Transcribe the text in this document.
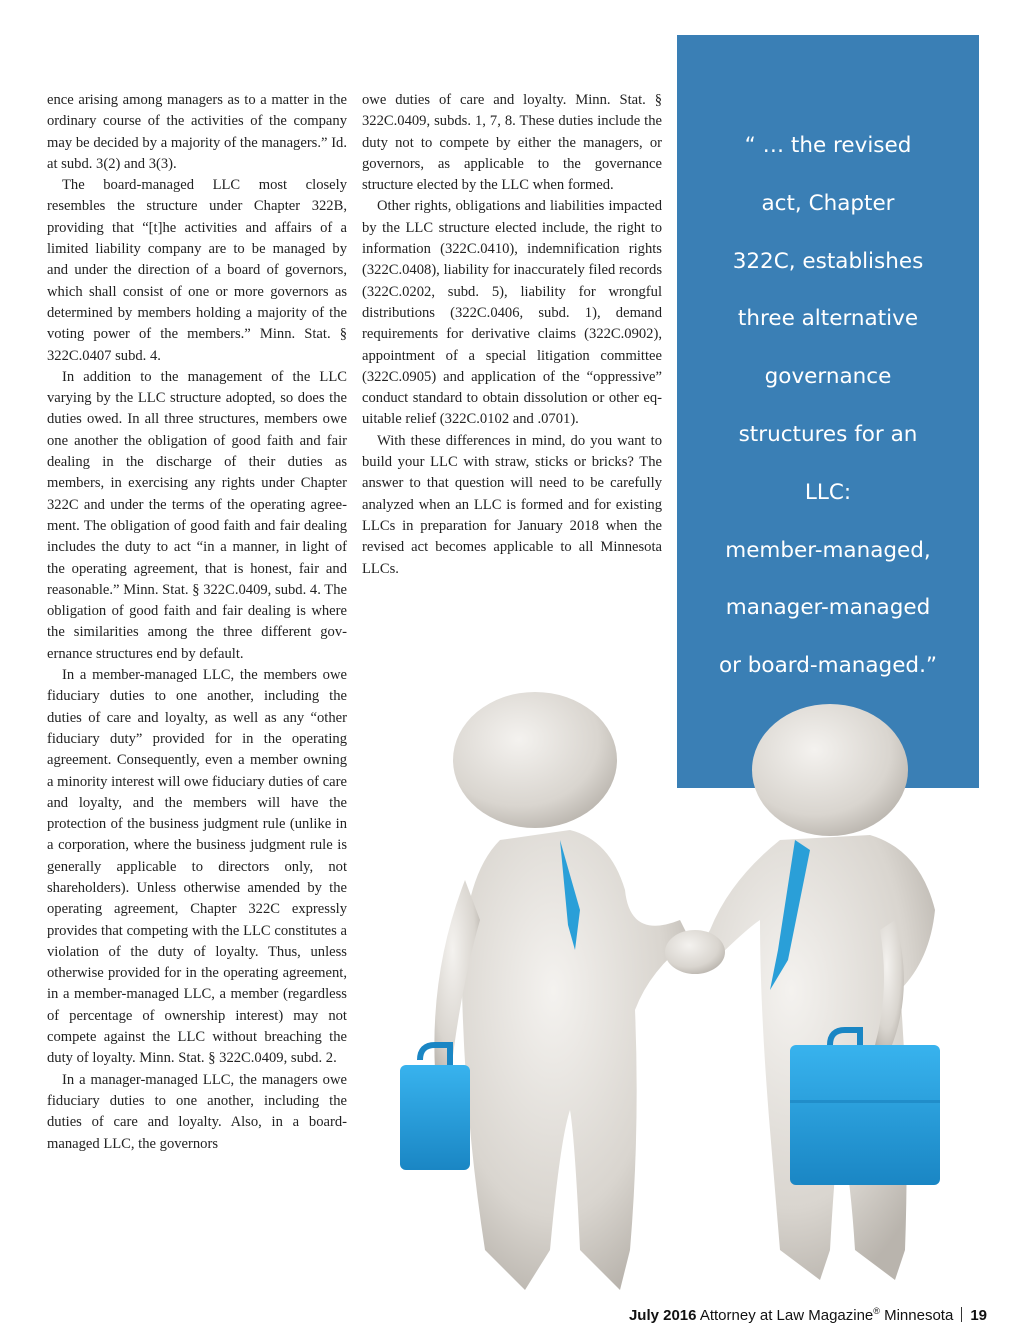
ence arising among managers as to a matter in the ordinary course of the activities of the company may be decided by a majority of the managers.” Id. at subd. 3(2) and 3(3).

The board-managed LLC most closely resembles the structure under Chapter 322B, providing that “[t]he activities and affairs of a limited liability company are to be managed by and under the direction of a board of governors, which shall consist of one or more governors as determined by members holding a majority of the voting power of the members.” Minn. Stat. § 322C.0407 subd. 4.

In addition to the management of the LLC varying by the LLC structure adopted, so does the duties owed. In all three structures, members owe one another the obligation of good faith and fair dealing in the discharge of their duties as members, in exercising any rights under Chapter 322C and under the terms of the operating agreement. The obligation of good faith and fair dealing includes the duty to act “in a manner, in light of the operating agreement, that is honest, fair and reasonable.” Minn. Stat. § 322C.0409, subd. 4. The obligation of good faith and fair dealing is where the similarities among the three different governance structures end by default.

In a member-managed LLC, the members owe fiduciary duties to one another, including the duties of care and loyalty, as well as any “other fiduciary duty” provided for in the operating agreement. Consequently, even a member owning a minority interest will owe fiduciary duties of care and loyalty, and the members will have the protection of the business judgment rule (unlike in a corporation, where the business judgment rule is generally applicable to directors only, not shareholders). Unless otherwise amended by the operating agreement, Chapter 322C expressly provides that competing with the LLC constitutes a violation of the duty of loyalty. Thus, unless otherwise provided for in the operating agreement, in a member-managed LLC, a member (regardless of percentage of ownership interest) may not compete against the LLC without breaching the duty of loyalty. Minn. Stat. § 322C.0409, subd. 2.

In a manager-managed LLC, the managers owe fiduciary duties to one another, including the duties of care and loyalty. Also, in a board-managed LLC, the governors

owe duties of care and loyalty. Minn. Stat. § 322C.0409, subds. 1, 7, 8. These duties include the duty not to compete by either the managers, or governors, as applicable to the governance structure elected by the LLC when formed.

Other rights, obligations and liabilities impacted by the LLC structure elected include, the right to information (322C.0410), indemnification rights (322C.0408), liability for inaccurately filed records (322C.0202, subd. 5), liability for wrongful distributions (322C.0406, subd. 1), demand requirements for derivative claims (322C.0902), appointment of a special litigation committee (322C.0905) and application of the “oppressive” conduct standard to obtain dissolution or other equitable relief (322C.0102 and .0701).

With these differences in mind, do you want to build your LLC with straw, sticks or bricks? The answer to that question will need to be carefully analyzed when an LLC is formed and for existing LLCs in preparation for January 2018 when the revised act becomes applicable to all Minnesota LLCs.

“ … the revised
act, Chapter
322C, establishes
three alternative
governance
structures for an
LLC:
member-managed,
manager-managed
or board-managed.”
July 2016 Attorney at Law Magazine® Minnesota 19
